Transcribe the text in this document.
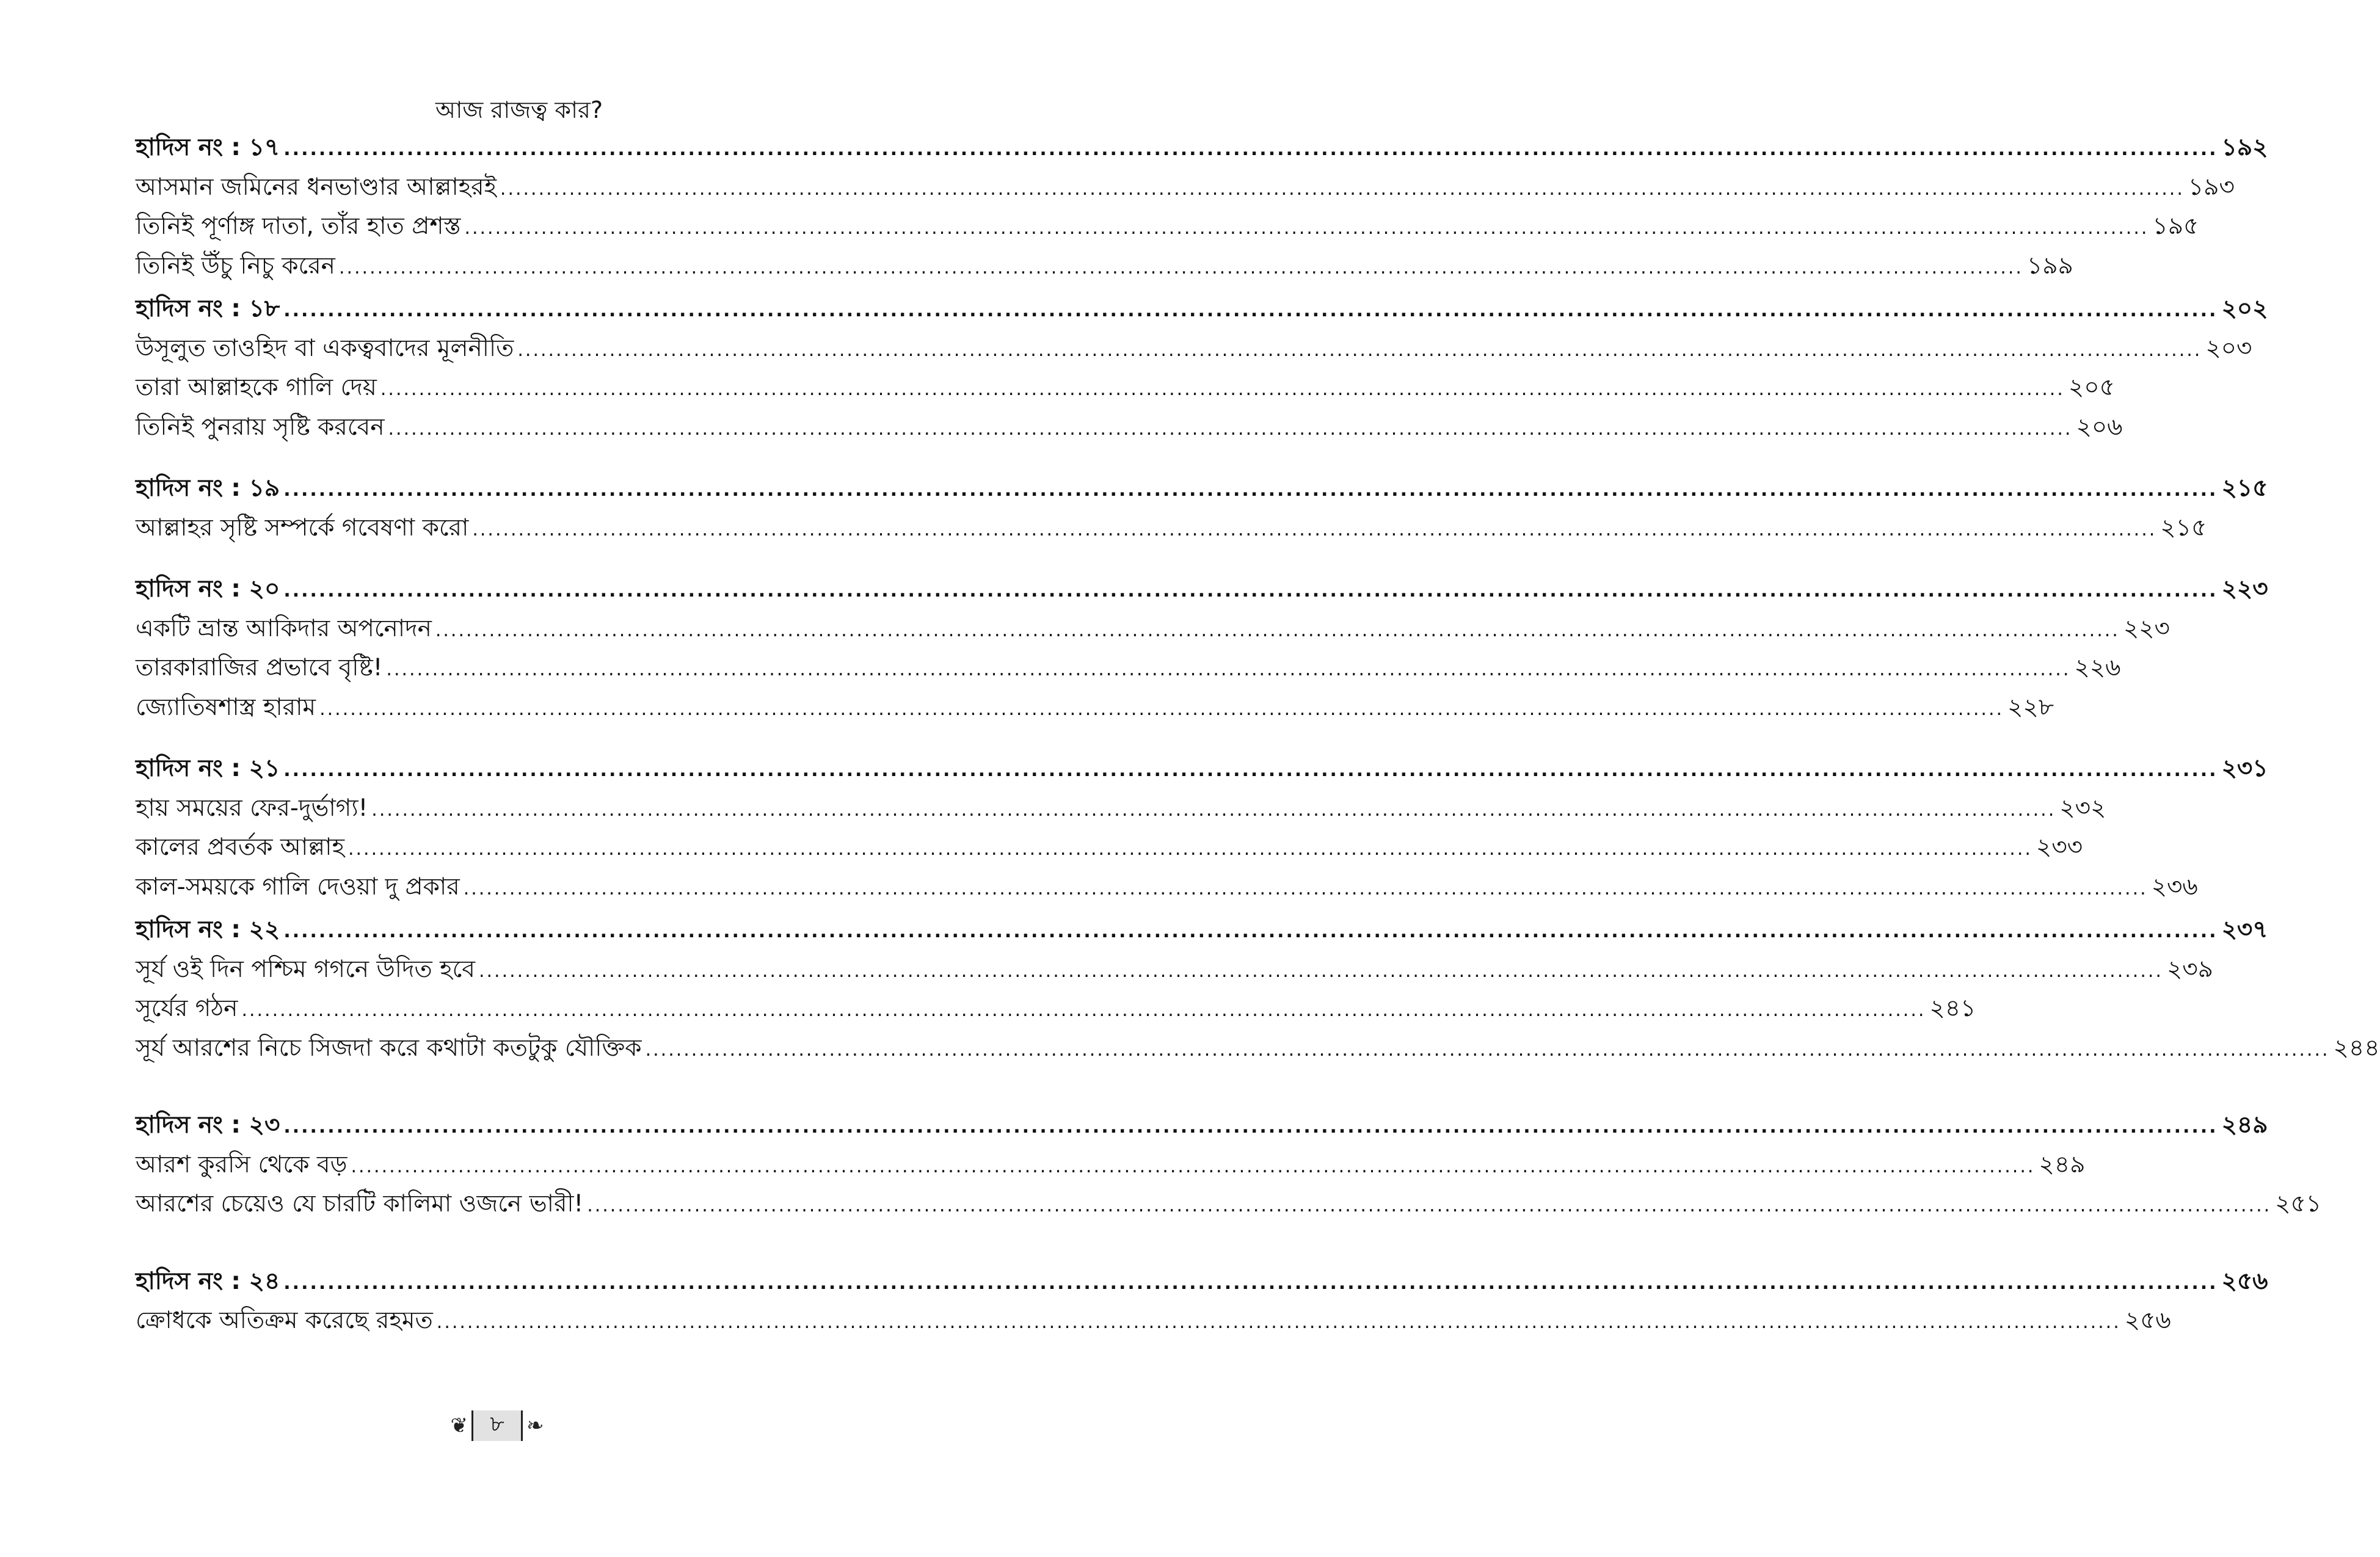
আজ রাজত্ব কার?
হাদিস নং : ১৭ ............................................................................................................................................................................................................................ ১৯২
আসমান জমিনের ধনভাণ্ডার আল্লাহরই ............................................................................................................................................................................................................................ ১৯৩
তিনিই পূর্ণাঙ্গ দাতা, তাঁর হাত প্রশস্ত ............................................................................................................................................................................................................................ ১৯৫
তিনিই উঁচু নিচু করেন ............................................................................................................................................................................................................................ ১৯৯
হাদিস নং : ১৮ ............................................................................................................................................................................................................................ ২০২
উসূলুত তাওহিদ বা একত্ববাদের মূলনীতি ............................................................................................................................................................................................................................ ২০৩
তারা আল্লাহকে গালি দেয় ............................................................................................................................................................................................................................ ২০৫
তিনিই পুনরায় সৃষ্টি করবেন ............................................................................................................................................................................................................................ ২০৬
হাদিস নং : ১৯ ............................................................................................................................................................................................................................ ২১৫
আল্লাহর সৃষ্টি সম্পর্কে গবেষণা করো ............................................................................................................................................................................................................................ ২১৫
হাদিস নং : ২০ ............................................................................................................................................................................................................................ ২২৩
একটি ভ্রান্ত আকিদার অপনোদন ............................................................................................................................................................................................................................ ২২৩
তারকারাজির প্রভাবে বৃষ্টি! ............................................................................................................................................................................................................................ ২২৬
জ্যোতিষশাস্ত্র হারাম ............................................................................................................................................................................................................................ ২২৮
হাদিস নং : ২১ ............................................................................................................................................................................................................................ ২৩১
হায় সময়ের ফের-দুর্ভাগ্য! ............................................................................................................................................................................................................................ ২৩২
কালের প্রবর্তক আল্লাহ ............................................................................................................................................................................................................................ ২৩৩
কাল-সময়কে গালি দেওয়া দু প্রকার ............................................................................................................................................................................................................................ ২৩৬
হাদিস নং : ২২ ............................................................................................................................................................................................................................ ২৩৭
সূর্য ওই দিন পশ্চিম গগনে উদিত হবে ............................................................................................................................................................................................................................ ২৩৯
সূর্যের গঠন ............................................................................................................................................................................................................................ ২৪১
সূর্য আরশের নিচে সিজদা করে কথাটা কতটুকু যৌক্তিক ............................................................................................................................................................................................................................ ২৪৪
হাদিস নং : ২৩ ............................................................................................................................................................................................................................ ২৪৯
আরশ কুরসি থেকে বড় ............................................................................................................................................................................................................................ ২৪৯
আরশের চেয়েও যে চারটি কালিমা ওজনে ভারী! ............................................................................................................................................................................................................................ ২৫১
হাদিস নং : ২৪ ............................................................................................................................................................................................................................ ২৫৬
ক্রোধকে অতিক্রম করেছে রহমত ............................................................................................................................................................................................................................ ২৫৬
❦	৮	❧
